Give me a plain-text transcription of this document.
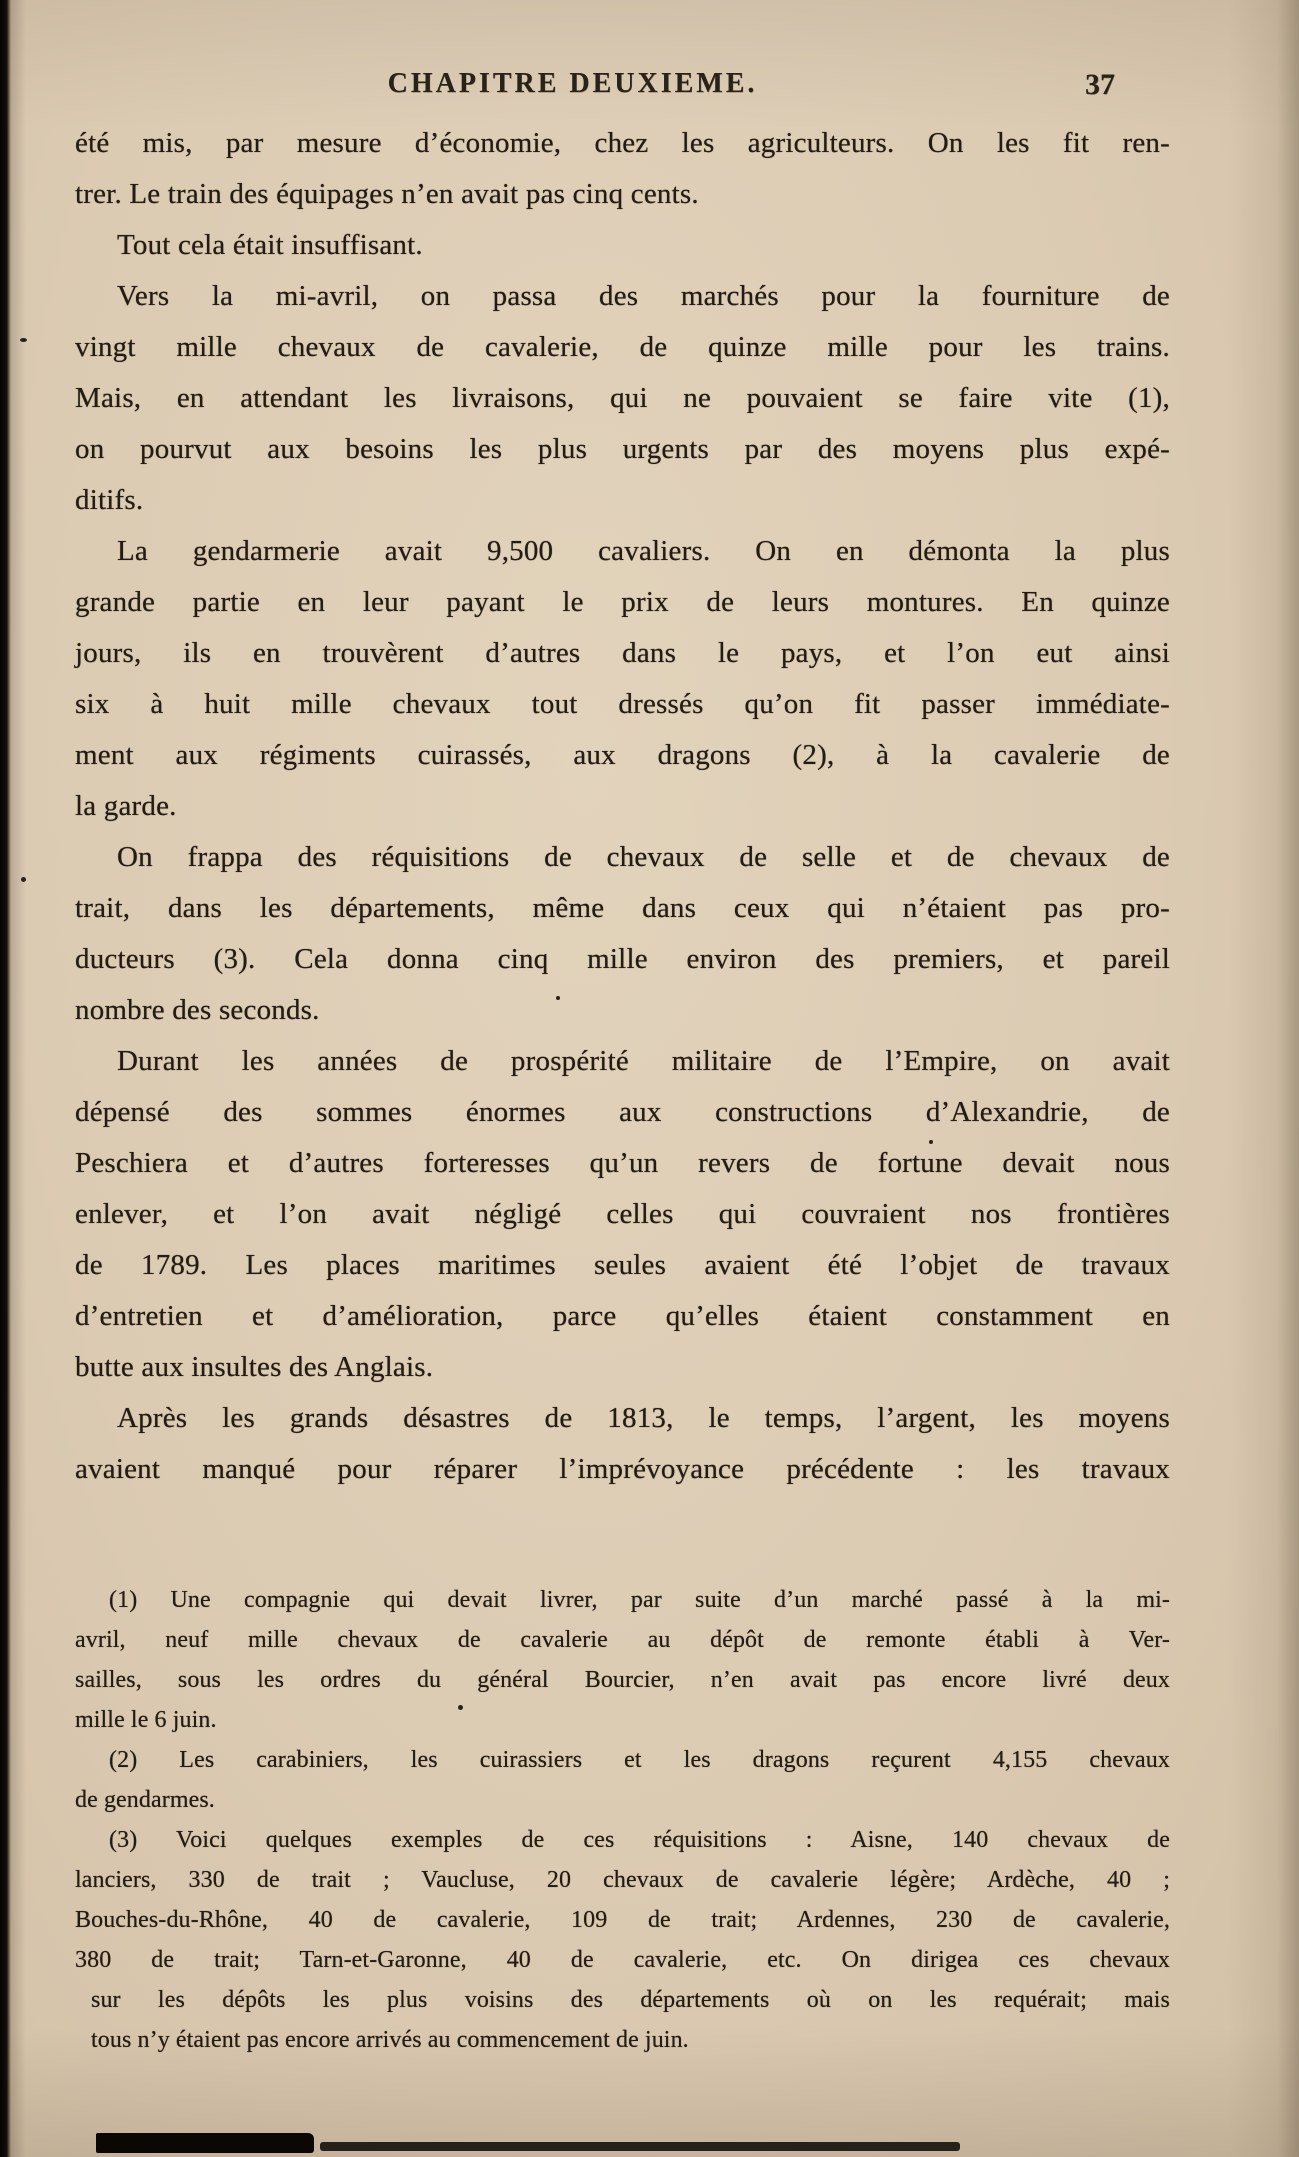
CHAPITRE DEUXIEME.	37
été mis, par mesure d’économie, chez les agriculteurs. On les fit ren-
trer. Le train des équipages n’en avait pas cinq cents.
Tout cela était insuffisant.
Vers la mi-avril, on passa des marchés pour la fourniture de
vingt mille chevaux de cavalerie, de quinze mille pour les trains.
Mais, en attendant les livraisons, qui ne pouvaient se faire vite (1),
on pourvut aux besoins les plus urgents par des moyens plus expé-
ditifs.
La gendarmerie avait 9,500 cavaliers. On en démonta la plus
grande partie en leur payant le prix de leurs montures. En quinze
jours, ils en trouvèrent d’autres dans le pays, et l’on eut ainsi
six à huit mille chevaux tout dressés qu’on fit passer immédiate-
ment aux régiments cuirassés, aux dragons (2), à la cavalerie de
la garde.
On frappa des réquisitions de chevaux de selle et de chevaux de
trait, dans les départements, même dans ceux qui n’étaient pas pro-
ducteurs (3). Cela donna cinq mille environ des premiers, et pareil
nombre des seconds.
Durant les années de prospérité militaire de l’Empire, on avait
dépensé des sommes énormes aux constructions d’Alexandrie, de
Peschiera et d’autres forteresses qu’un revers de fortune devait nous
enlever, et l’on avait négligé celles qui couvraient nos frontières
de 1789. Les places maritimes seules avaient été l’objet de travaux
d’entretien et d’amélioration, parce qu’elles étaient constamment en
butte aux insultes des Anglais.
Après les grands désastres de 1813, le temps, l’argent, les moyens
avaient manqué pour réparer l’imprévoyance précédente : les travaux
(1) Une compagnie qui devait livrer, par suite d’un marché passé à la mi-
avril, neuf mille chevaux de cavalerie au dépôt de remonte établi à Ver-
sailles, sous les ordres du général Bourcier, n’en avait pas encore livré deux
mille le 6 juin.
(2) Les carabiniers, les cuirassiers et les dragons reçurent 4,155 chevaux
de gendarmes.
(3) Voici quelques exemples de ces réquisitions : Aisne, 140 chevaux de
lanciers, 330 de trait ; Vaucluse, 20 chevaux de cavalerie légère; Ardèche, 40 ;
Bouches-du-Rhône, 40 de cavalerie, 109 de trait; Ardennes, 230 de cavalerie,
380 de trait; Tarn-et-Garonne, 40 de cavalerie, etc. On dirigea ces chevaux
sur les dépôts les plus voisins des départements où on les requérait; mais
tous n’y étaient pas encore arrivés au commencement de juin.
